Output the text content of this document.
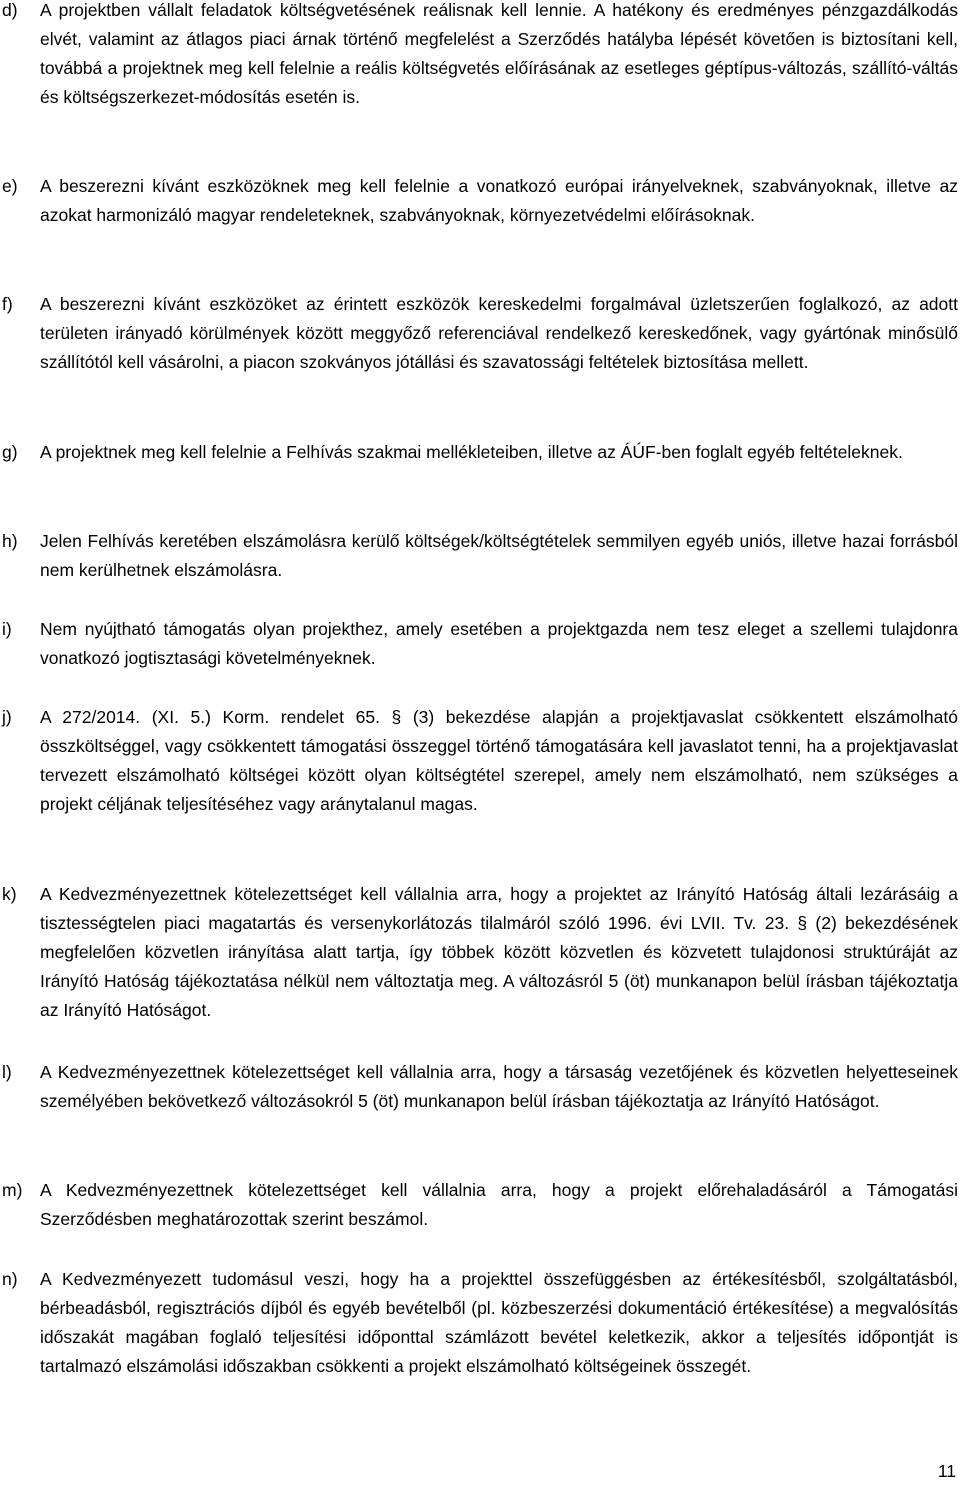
d)	A projektben vállalt feladatok költségvetésének reálisnak kell lennie. A hatékony és eredményes pénzgazdálkodás elvét, valamint az átlagos piaci árnak történő megfelelést a Szerződés hatályba lépését követően is biztosítani kell, továbbá a projektnek meg kell felelnie a reális költségvetés előírásának az esetleges géptípus-változás, szállító-váltás és költségszerkezet-módosítás esetén is.
e)	A beszerezni kívánt eszközöknek meg kell felelnie a vonatkozó európai irányelveknek, szabványoknak, illetve az azokat harmonizáló magyar rendeleteknek, szabványoknak, környezetvédelmi előírásoknak.
f)	A beszerezni kívánt eszközöket az érintett eszközök kereskedelmi forgalmával üzletszerűen foglalkozó, az adott területen irányadó körülmények között meggyőző referenciával rendelkező kereskedőnek, vagy gyártónak minősülő szállítótól kell vásárolni, a piacon szokványos jótállási és szavatossági feltételek biztosítása mellett.
g)	A projektnek meg kell felelnie a Felhívás szakmai mellékleteiben, illetve az ÁÚF-ben foglalt egyéb feltételeknek.
h)	Jelen Felhívás keretében elszámolásra kerülő költségek/költségtételek semmilyen egyéb uniós, illetve hazai forrásból nem kerülhetnek elszámolásra.
i)	Nem nyújtható támogatás olyan projekthez, amely esetében a projektgazda nem tesz eleget a szellemi tulajdonra vonatkozó jogtisztasági követelményeknek.
j)	A 272/2014. (XI. 5.) Korm. rendelet 65. § (3) bekezdése alapján a projektjavaslat csökkentett elszámolható összköltséggel, vagy csökkentett támogatási összeggel történő támogatására kell javaslatot tenni, ha a projektjavaslat tervezett elszámolható költségei között olyan költségtétel szerepel, amely nem elszámolható, nem szükséges a projekt céljának teljesítéséhez vagy aránytalanul magas.
k)	A Kedvezményezettnek kötelezettséget kell vállalnia arra, hogy a projektet az Irányító Hatóság általi lezárásáig a tisztességtelen piaci magatartás és versenykorlátozás tilalmáról szóló 1996. évi LVII. Tv. 23. § (2) bekezdésének megfelelően közvetlen irányítása alatt tartja, így többek között közvetlen és közvetett tulajdonosi struktúráját az Irányító Hatóság tájékoztatása nélkül nem változtatja meg. A változásról 5 (öt) munkanapon belül írásban tájékoztatja az Irányító Hatóságot.
l)	A Kedvezményezettnek kötelezettséget kell vállalnia arra, hogy a társaság vezetőjének és közvetlen helyetteseinek személyében bekövetkező változásokról 5 (öt) munkanapon belül írásban tájékoztatja az Irányító Hatóságot.
m)	A Kedvezményezettnek kötelezettséget kell vállalnia arra, hogy a projekt előrehaladásáról a Támogatási Szerződésben meghatározottak szerint beszámol.
n)	A Kedvezményezett tudomásul veszi, hogy ha a projekttel összefüggésben az értékesítésből, szolgáltatásból, bérbeadásból, regisztrációs díjból és egyéb bevételből (pl. közbeszerzési dokumentáció értékesítése) a megvalósítás időszakát magában foglaló teljesítési időponttal számlázott bevétel keletkezik, akkor a teljesítés időpontját is tartalmazó elszámolási időszakban csökkenti a projekt elszámolható költségeinek összegét.
11
